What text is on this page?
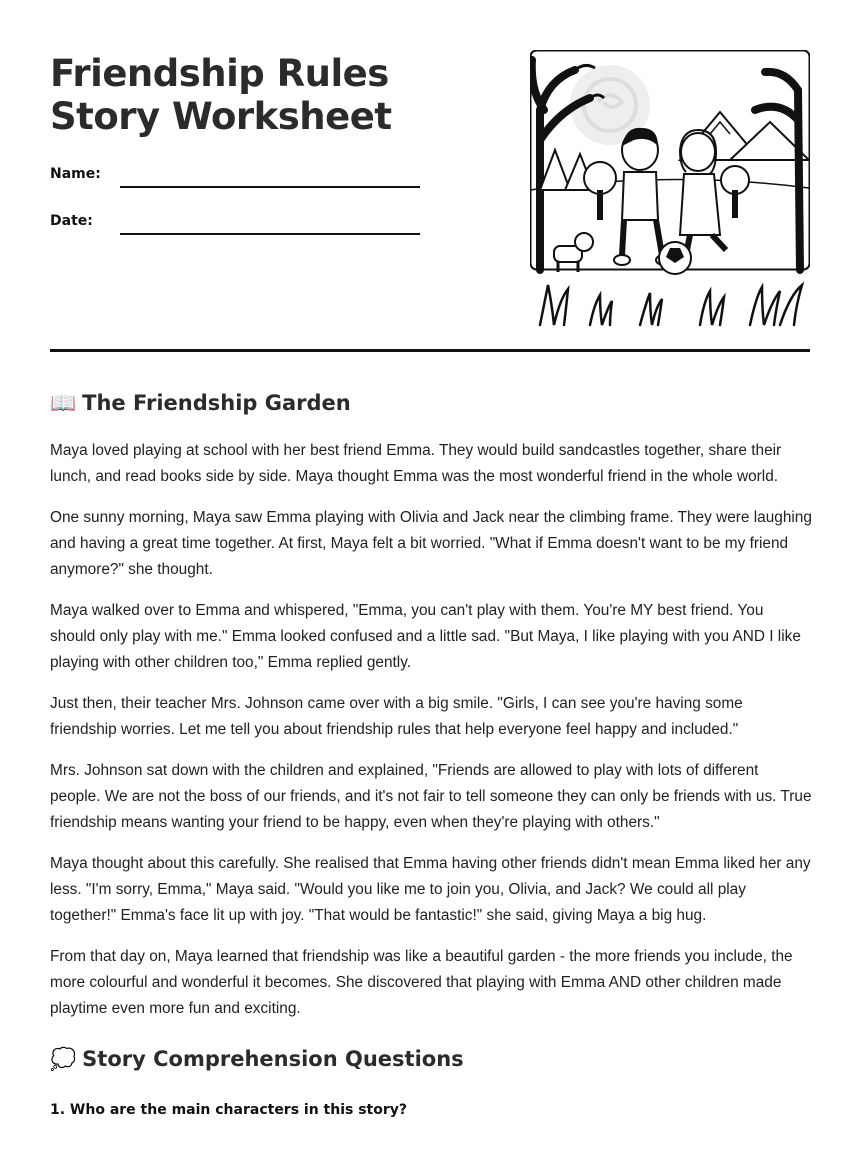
Friendship Rules Story Worksheet
Name:
Date:
📖 The Friendship Garden

Maya loved playing at school with her best friend Emma. They would build sandcastles together, share their lunch, and read books side by side. Maya thought Emma was the most wonderful friend in the whole world.

One sunny morning, Maya saw Emma playing with Olivia and Jack near the climbing frame. They were laughing and having a great time together. At first, Maya felt a bit worried. "What if Emma doesn't want to be my friend anymore?" she thought.

Maya walked over to Emma and whispered, "Emma, you can't play with them. You're MY best friend. You should only play with me." Emma looked confused and a little sad. "But Maya, I like playing with you AND I like playing with other children too," Emma replied gently.

Just then, their teacher Mrs. Johnson came over with a big smile. "Girls, I can see you're having some friendship worries. Let me tell you about friendship rules that help everyone feel happy and included."

Mrs. Johnson sat down with the children and explained, "Friends are allowed to play with lots of different people. We are not the boss of our friends, and it's not fair to tell someone they can only be friends with us. True friendship means wanting your friend to be happy, even when they're playing with others."

Maya thought about this carefully. She realised that Emma having other friends didn't mean Emma liked her any less. "I'm sorry, Emma," Maya said. "Would you like me to join you, Olivia, and Jack? We could all play together!" Emma's face lit up with joy. "That would be fantastic!" she said, giving Maya a big hug.

From that day on, Maya learned that friendship was like a beautiful garden - the more friends you include, the more colourful and wonderful it becomes. She discovered that playing with Emma AND other children made playtime even more fun and exciting.

💭 Story Comprehension Questions

1. Who are the main characters in this story?
